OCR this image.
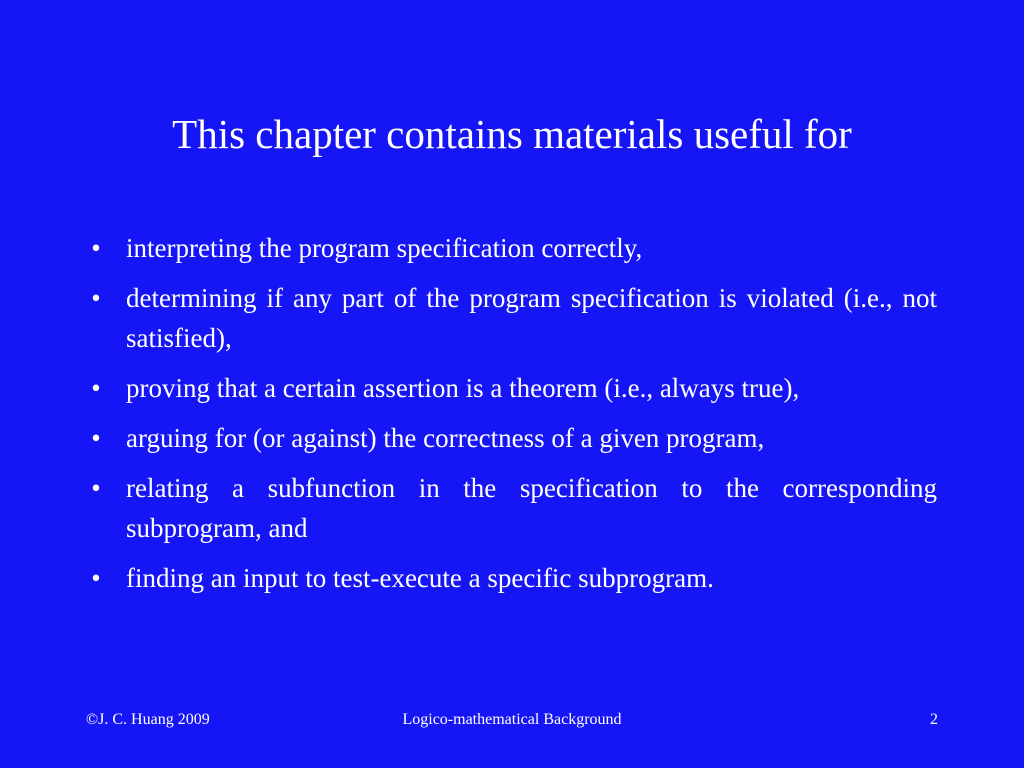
This chapter contains materials useful for
• interpreting the program specification correctly,
• determining if any part of the program specification is violated (i.e., not satisfied),
• proving that a certain assertion is a theorem (i.e., always true),
• arguing for (or against) the correctness of a given program,
• relating a subfunction in the specification to the corresponding subprogram, and
• finding an input to test-execute a specific subprogram.
©J. C. Huang 2009	Logico-mathematical Background	2
